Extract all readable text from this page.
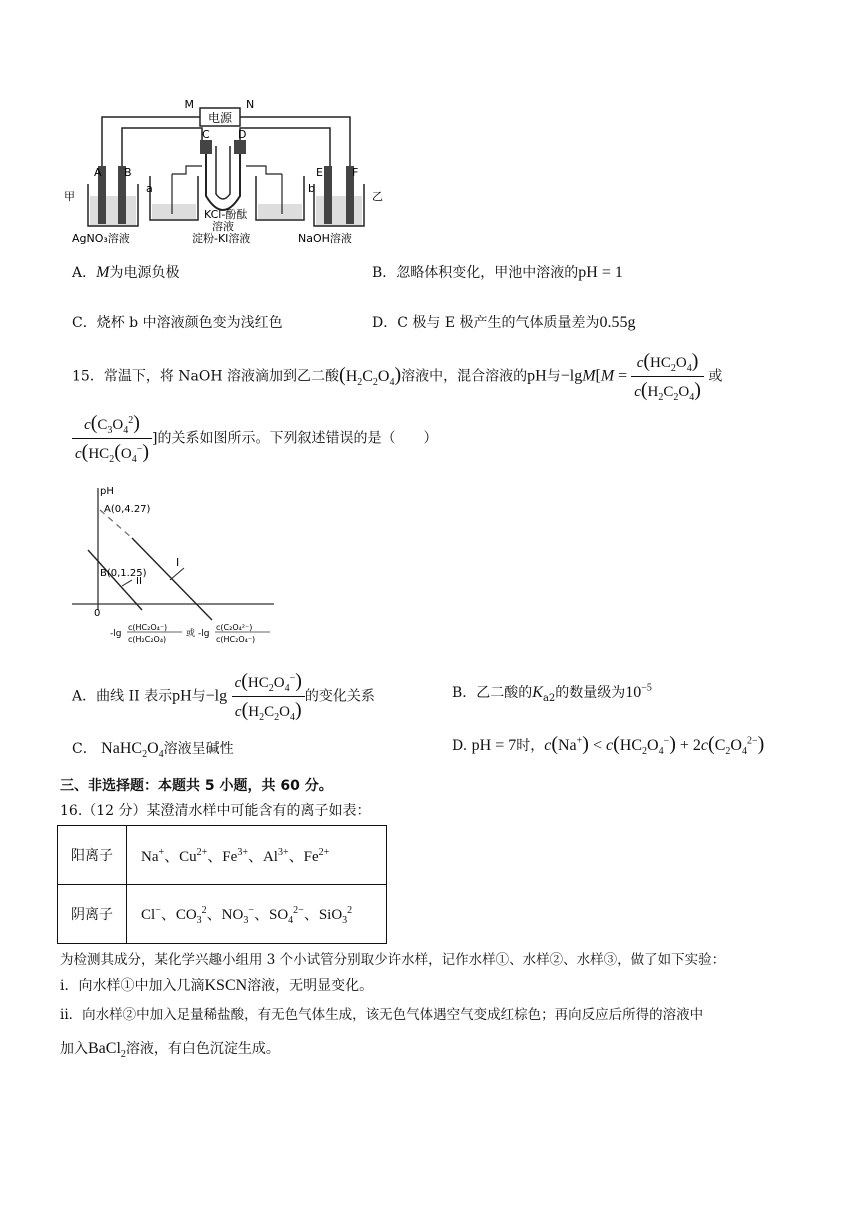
电源
M	N
A B
甲
AgNO₃溶液
a
C	D
KCl-酚酞
溶液
淀粉-KI溶液
b
E	F
乙
NaOH溶液
A．M为电源负极	B．忽略体积变化，甲池中溶液的pH = 1
C．烧杯 b 中溶液颜色变为浅红色	D．C 极与 E 极产生的气体质量差为0.55g
15．常温下，将 NaOH 溶液滴加到乙二酸$(H_2C_2O_4)$溶液中，混合溶液的pH与$-\lg M[M = \frac{c(HC_2O_4)}{c(H_2C_2O_4)}$ 或
$\frac{c(C_3O_4^2)}{c(HC_2(O_4^-)}$ ]的关系如图所示。下列叙述错误的是（　　）
pH
A(0,4.27)
B(0,1.25)
I
II
0
-lg
c(HC₂O₄⁻)
c(H₂C₂O₄)
或 -lg
c(C₂O₄²⁻)
c(HC₂O₄⁻)
A．曲线 II 表示pH与$-\lg \frac{c(HC_2O_4^-)}{c(H_2C_2O_4)}$ 的变化关系	B．乙二酸的$K_{a2}$的数量级为$10^{-5}$
C． $NaHC_2O_4$溶液呈碱性	D. pH = 7时，$c(Na^+) < c(HC_2O_4^-) + 2c(C_2O_4^{2-})$
三、非选择题：本题共 5 小题，共 60 分。
16.（12 分）某澄清水样中可能含有的离子如表：
阳离子	Na+、$Cu^{2+}$、$Fe^{3+}$、$Al^{3+}$、$Fe^{2+}$
阴离子	Cl−、$CO_3^2$、$NO_3^-$、$SO_4^{2-}$、SiO$_3^2$
为检测其成分，某化学兴趣小组用 3 个小试管分别取少许水样，记作水样①、水样②、水样③，做了如下实验：
i．向水样①中加入几滴KSCN溶液，无明显变化。
ii．向水样②中加入足量稀盐酸，有无色气体生成，该无色气体遇空气变成红棕色；再向反应后所得的溶液中
加入BaCl$_2$溶液，有白色沉淀生成。
